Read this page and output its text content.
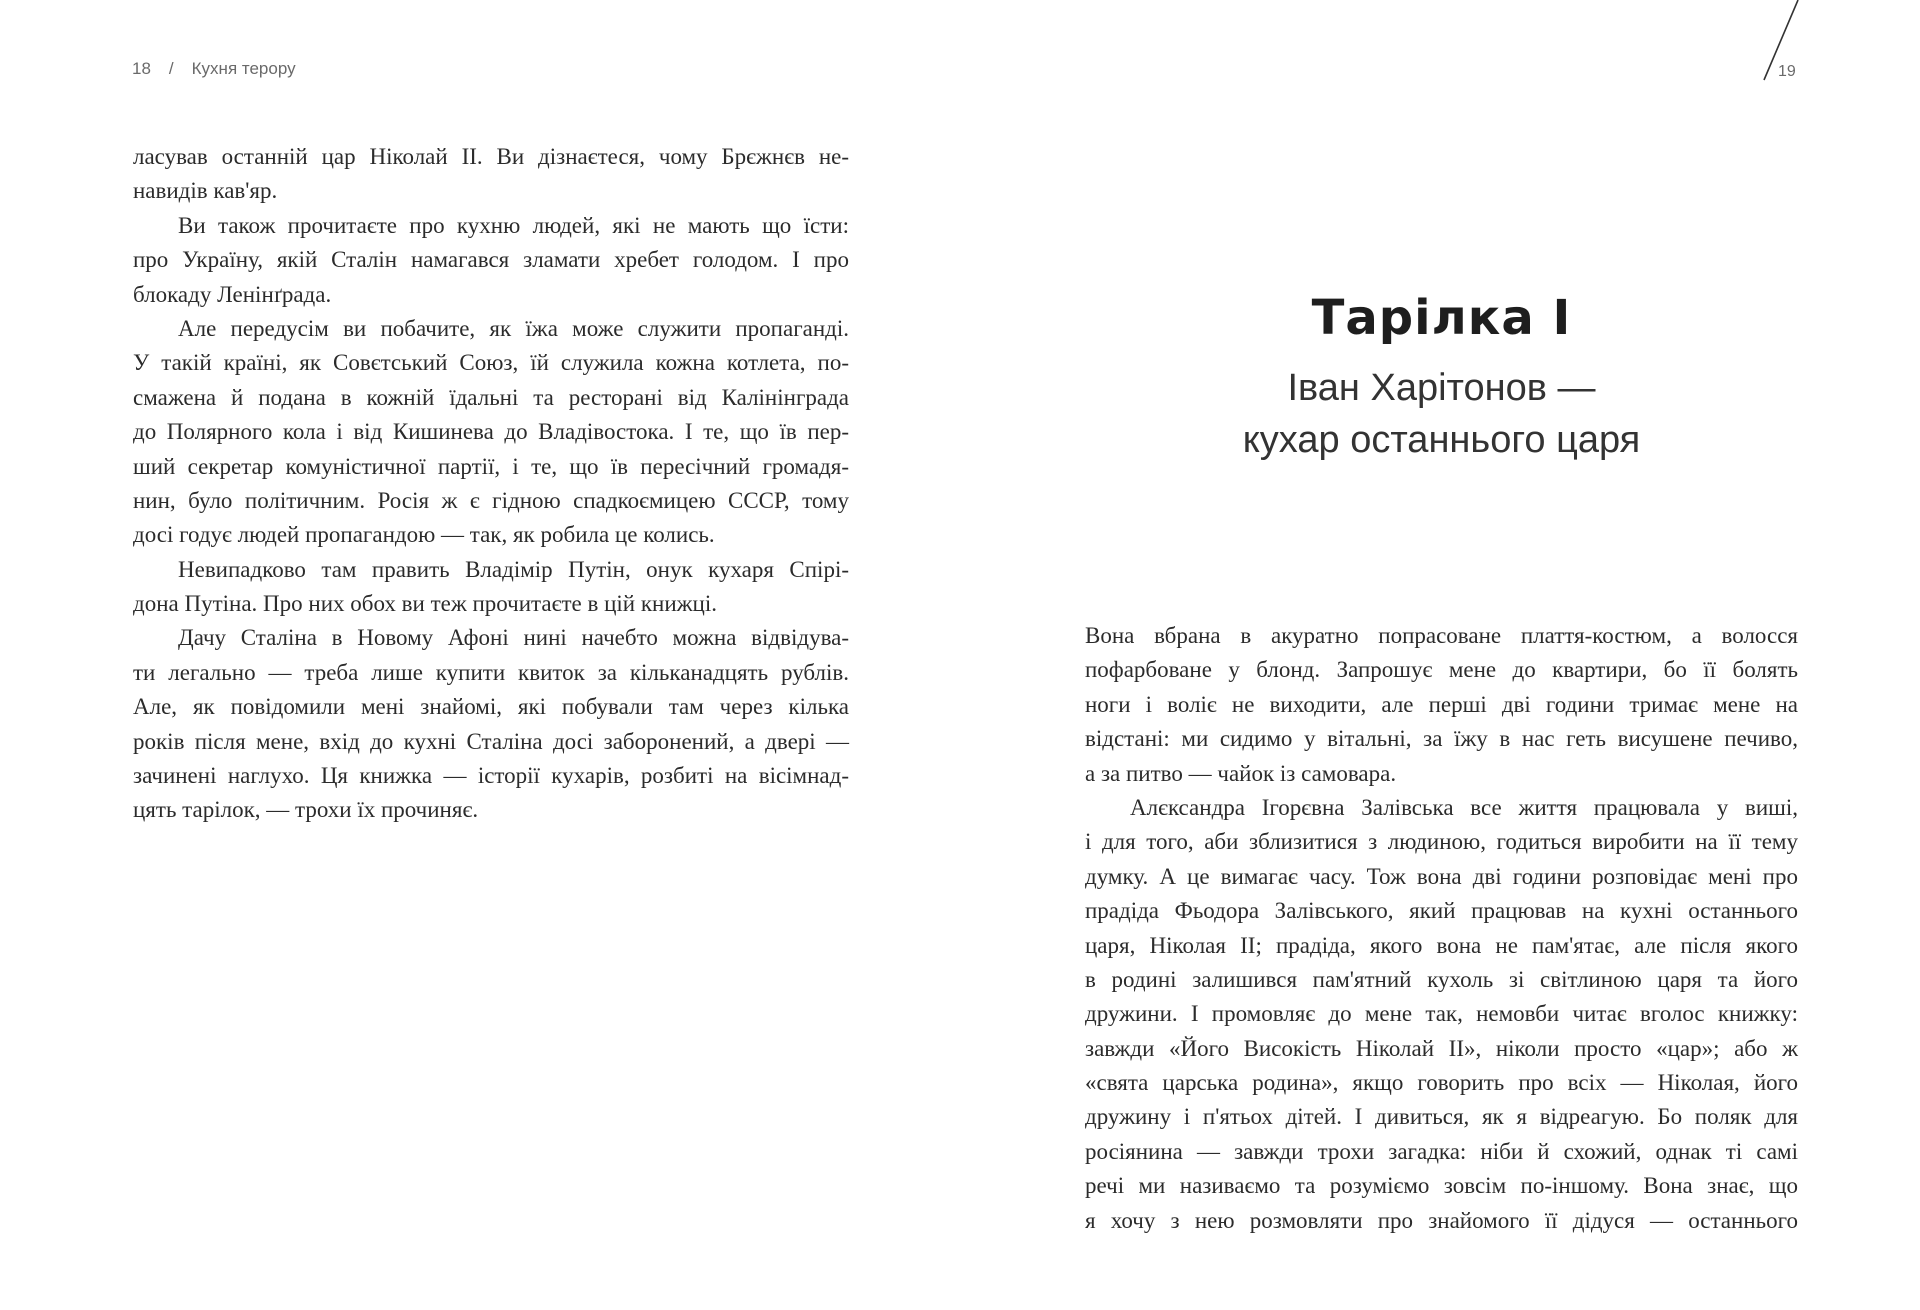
18 / Кухня терору	19
ласував останній цар Ніколай ІІ. Ви дізнаєтеся, чому Брєжнєв не-
навидів кав'яр.
Ви також прочитаєте про кухню людей, які не мають що їсти:
про Україну, якій Сталін намагався зламати хребет голодом. І про
блокаду Ленінґрада.
Але передусім ви побачите, як їжа може служити пропаганді.
У такій країні, як Совєтський Союз, їй служила кожна котлета, по-
смажена й подана в кожній їдальні та ресторані від Калінінграда
до Полярного кола і від Кишинева до Владівостока. І те, що їв пер-
ший секретар комуністичної партії, і те, що їв пересічний громадя-
нин, було політичним. Росія ж є гідною спадкоємицею СССР, тому
досі годує людей пропагандою — так, як робила це колись.
Невипадково там править Владімір Путін, онук кухаря Спірі-
дона Путіна. Про них обох ви теж прочитаєте в цій книжці.
Дачу Сталіна в Новому Афоні нині начебто можна відвідува-
ти легально — треба лише купити квиток за кільканадцять рублів.
Але, як повідомили мені знайомі, які побували там через кілька
років після мене, вхід до кухні Сталіна досі заборонений, а двері —
зачинені наглухо. Ця книжка — історії кухарів, розбиті на вісімнад-
цять тарілок, — трохи їх прочиняє.
Тарілка І
Іван Харітонов —
кухар останнього царя
Вона вбрана в акуратно попрасоване плаття-костюм, а волосся
пофарбоване у блонд. Запрошує мене до квартири, бо її болять
ноги і воліє не виходити, але перші дві години тримає мене на
відстані: ми сидимо у вітальні, за їжу в нас геть висушене печиво,
а за питво — чайок із самовара.
Алєксандра Ігорєвна Залівська все життя працювала у виші,
і для того, аби зблизитися з людиною, годиться виробити на її тему
думку. А це вимагає часу. Тож вона дві години розповідає мені про
прадіда Фьодора Залівського, який працював на кухні останнього
царя, Ніколая ІІ; прадіда, якого вона не пам'ятає, але після якого
в родині залишився пам'ятний кухоль зі світлиною царя та його
дружини. І промовляє до мене так, немовби читає вголос книжку:
завжди «Його Високість Ніколай ІІ», ніколи просто «цар»; або ж
«свята царська родина», якщо говорить про всіх — Ніколая, його
дружину і п'ятьох дітей. І дивиться, як я відреагую. Бо поляк для
росіянина — завжди трохи загадка: ніби й схожий, однак ті самі
речі ми називаємо та розуміємо зовсім по-іншому. Вона знає, що
я хочу з нею розмовляти про знайомого її дідуся — останнього
